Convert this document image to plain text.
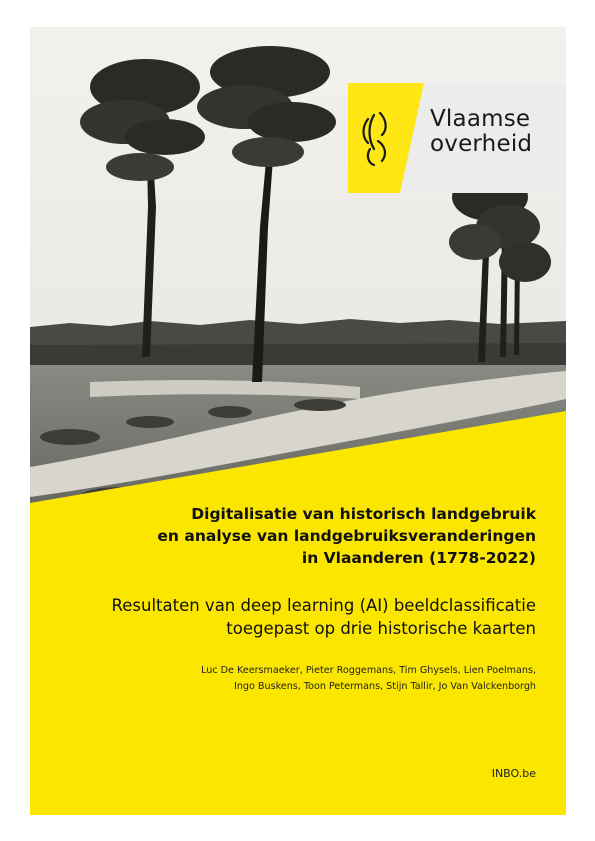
Vlaamse
overheid
Digitalisatie van historisch landgebruik
en analyse van landgebruiksveranderingen
in Vlaanderen (1778-2022)
Resultaten van deep learning (AI) beeldclassificatie
toegepast op drie historische kaarten
Luc De Keersmaeker, Pieter Roggemans, Tim Ghysels, Lien Poelmans,
Ingo Buskens, Toon Petermans, Stijn Tallir, Jo Van Valckenborgh
INBO.be
